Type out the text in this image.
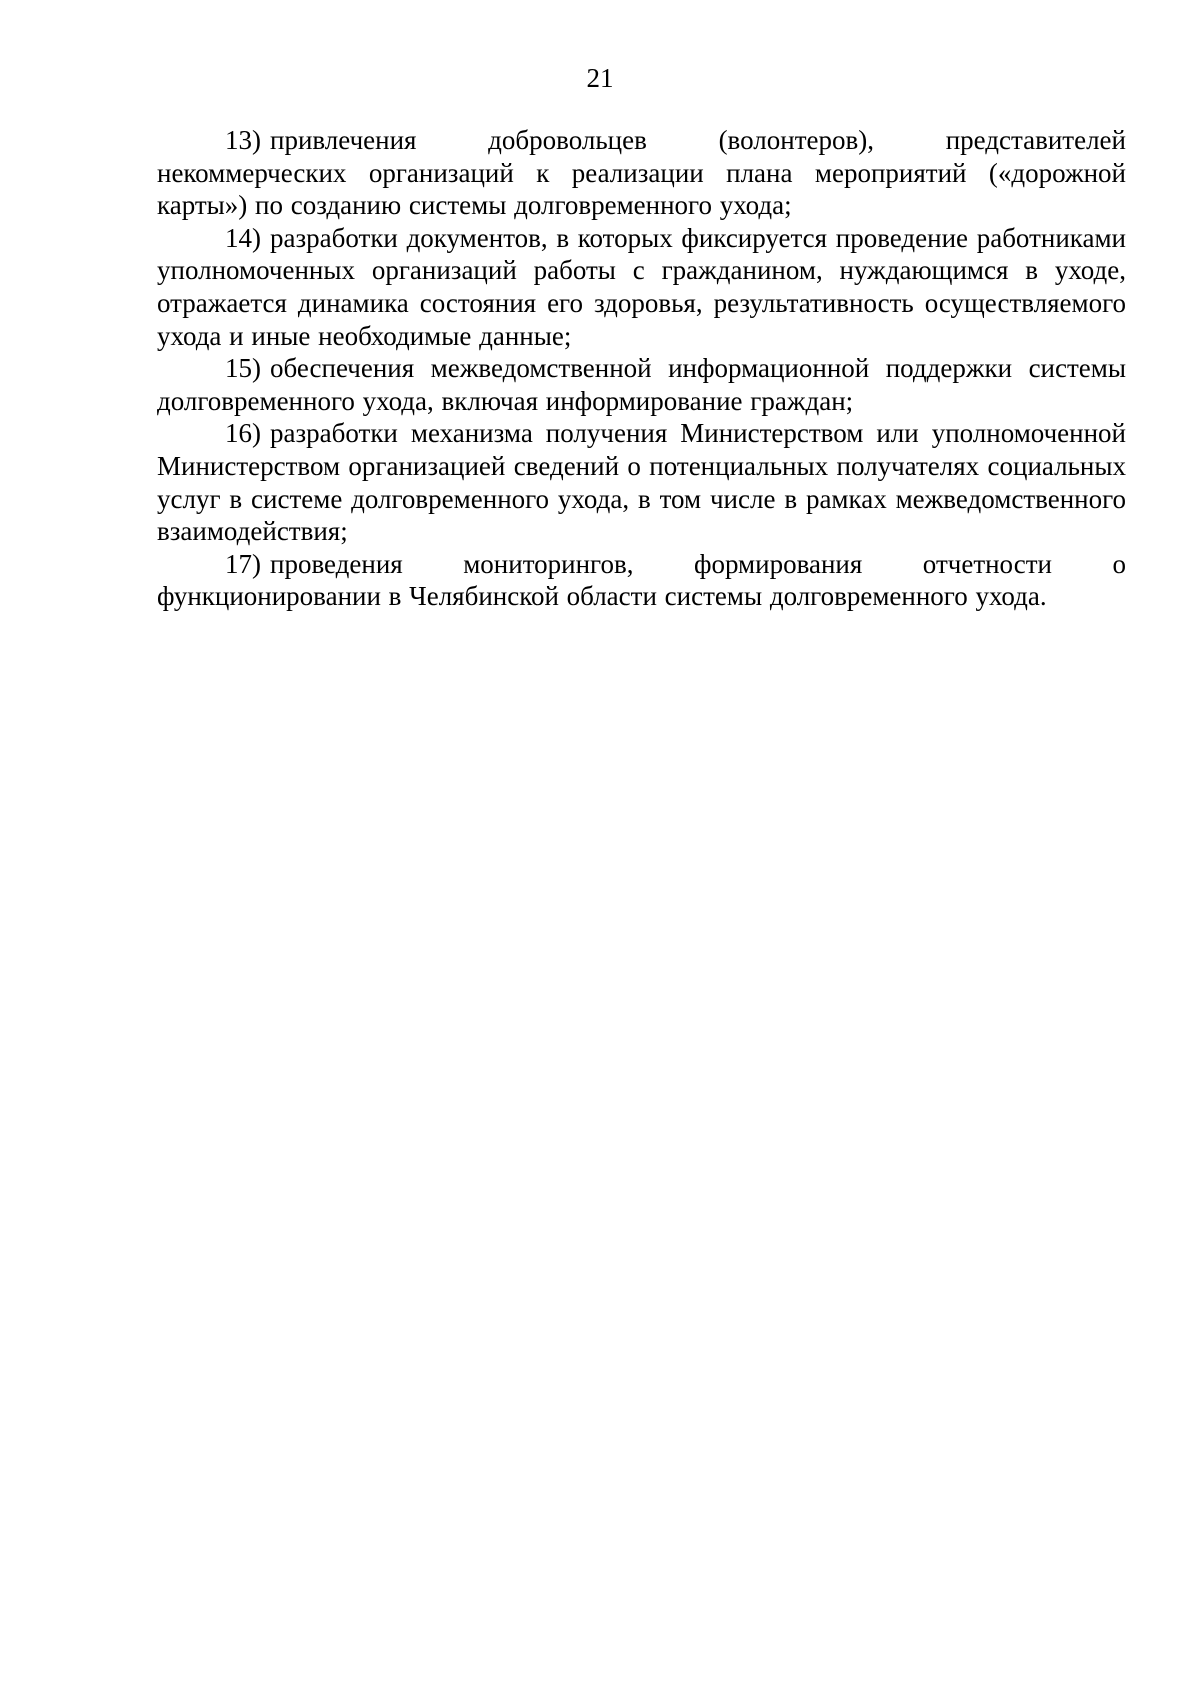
21

13) привлечения добровольцев (волонтеров), представителей некоммерческих организаций к реализации плана мероприятий («дорожной карты») по созданию системы долговременного ухода;

14) разработки документов, в которых фиксируется проведение работниками уполномоченных организаций работы с гражданином, нуждающимся в уходе, отражается динамика состояния его здоровья, результативность осуществляемого ухода и иные необходимые данные;

15) обеспечения межведомственной информационной поддержки системы долговременного ухода, включая информирование граждан;

16) разработки механизма получения Министерством или уполномоченной Министерством организацией сведений о потенциальных получателях социальных услуг в системе долговременного ухода, в том числе в рамках межведомственного взаимодействия;

17) проведения мониторингов, формирования отчетности о функционировании в Челябинской области системы долговременного ухода.
